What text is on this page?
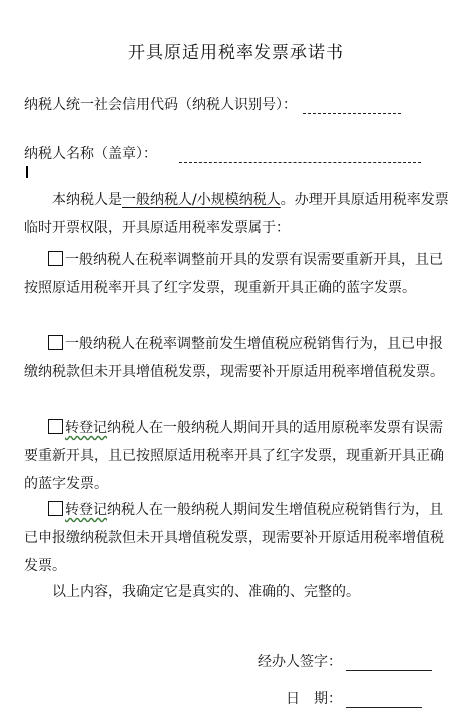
开具原适用税率发票承诺书
纳税人统一社会信用代码（纳税人识别号）：
纳税人名称（盖章）：
本纳税人是一般纳税人/小规模纳税人。办理开具原适用税率发票临时开票权限，开具原适用税率发票属于：
一般纳税人在税率调整前开具的发票有误需要重新开具，且已按照原适用税率开具了红字发票，现重新开具正确的蓝字发票。
一般纳税人在税率调整前发生增值税应税销售行为，且已申报缴纳税款但未开具增值税发票，现需要补开原适用税率增值税发票。
转登记纳税人在一般纳税人期间开具的适用原税率发票有误需要重新开具，且已按照原适用税率开具了红字发票，现重新开具正确的蓝字发票。
转登记纳税人在一般纳税人期间发生增值税应税销售行为，且已申报缴纳税款但未开具增值税发票，现需要补开原适用税率增值税发票。
以上内容，我确定它是真实的、准确的、完整的。
经办人签字：
日　期：
